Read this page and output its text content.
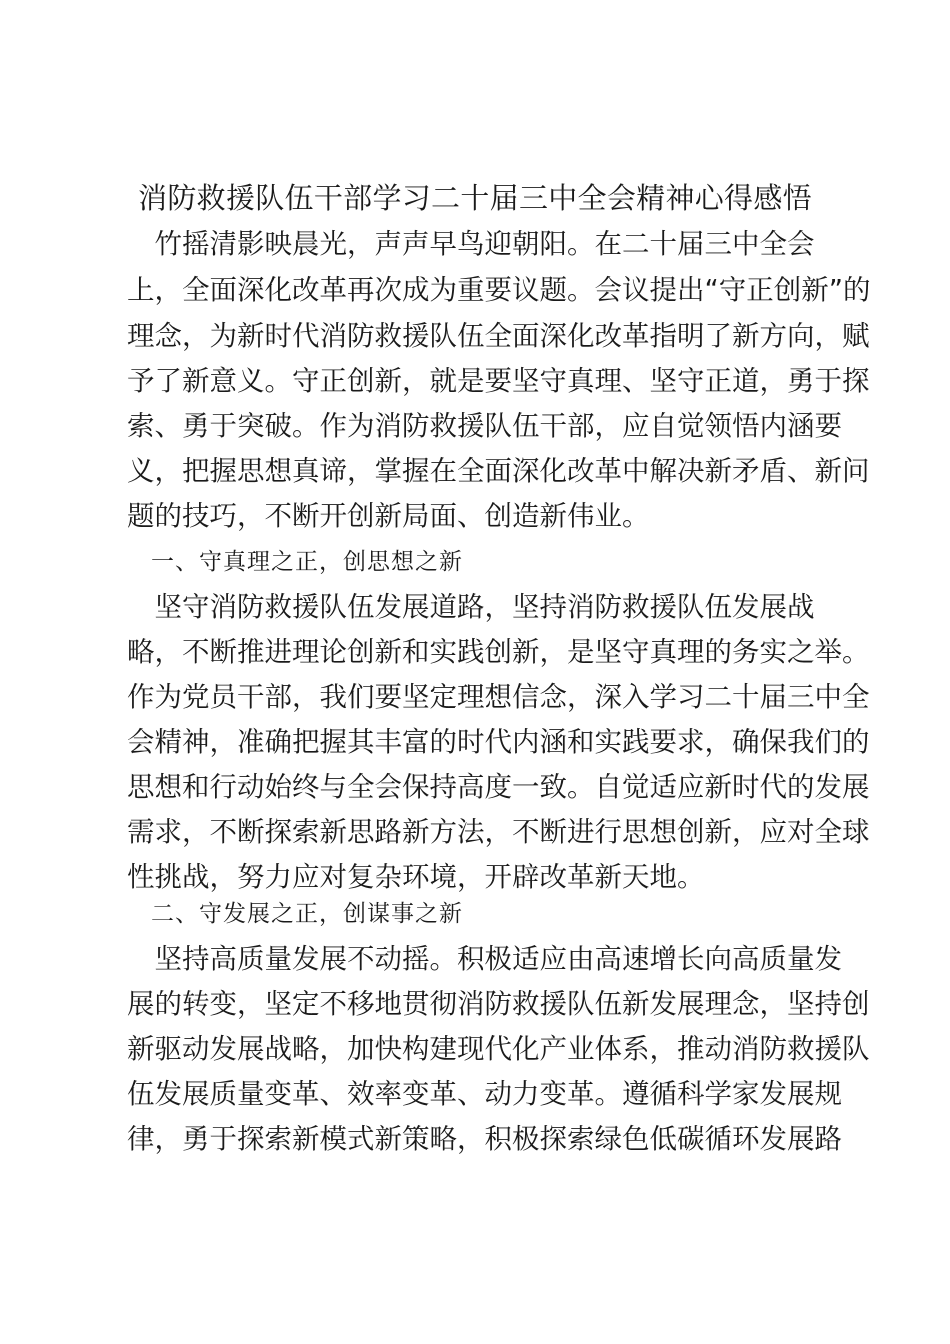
消防救援队伍干部学习二十届三中全会精神心得感悟
　竹摇清影映晨光，声声早鸟迎朝阳。在二十届三中全会
上，全面深化改革再次成为重要议题。会议提出“守正创新”的
理念，为新时代消防救援队伍全面深化改革指明了新方向，赋
予了新意义。守正创新，就是要坚守真理、坚守正道，勇于探
索、勇于突破。作为消防救援队伍干部，应自觉领悟内涵要
义，把握思想真谛，掌握在全面深化改革中解决新矛盾、新问
题的技巧，不断开创新局面、创造新伟业。
　一、守真理之正，创思想之新
　坚守消防救援队伍发展道路，坚持消防救援队伍发展战
略，不断推进理论创新和实践创新，是坚守真理的务实之举。
作为党员干部，我们要坚定理想信念，深入学习二十届三中全
会精神，准确把握其丰富的时代内涵和实践要求，确保我们的
思想和行动始终与全会保持高度一致。自觉适应新时代的发展
需求，不断探索新思路新方法，不断进行思想创新，应对全球
性挑战，努力应对复杂环境，开辟改革新天地。
　二、守发展之正，创谋事之新
　坚持高质量发展不动摇。积极适应由高速增长向高质量发
展的转变，坚定不移地贯彻消防救援队伍新发展理念，坚持创
新驱动发展战略，加快构建现代化产业体系，推动消防救援队
伍发展质量变革、效率变革、动力变革。遵循科学家发展规
律，勇于探索新模式新策略，积极探索绿色低碳循环发展路
